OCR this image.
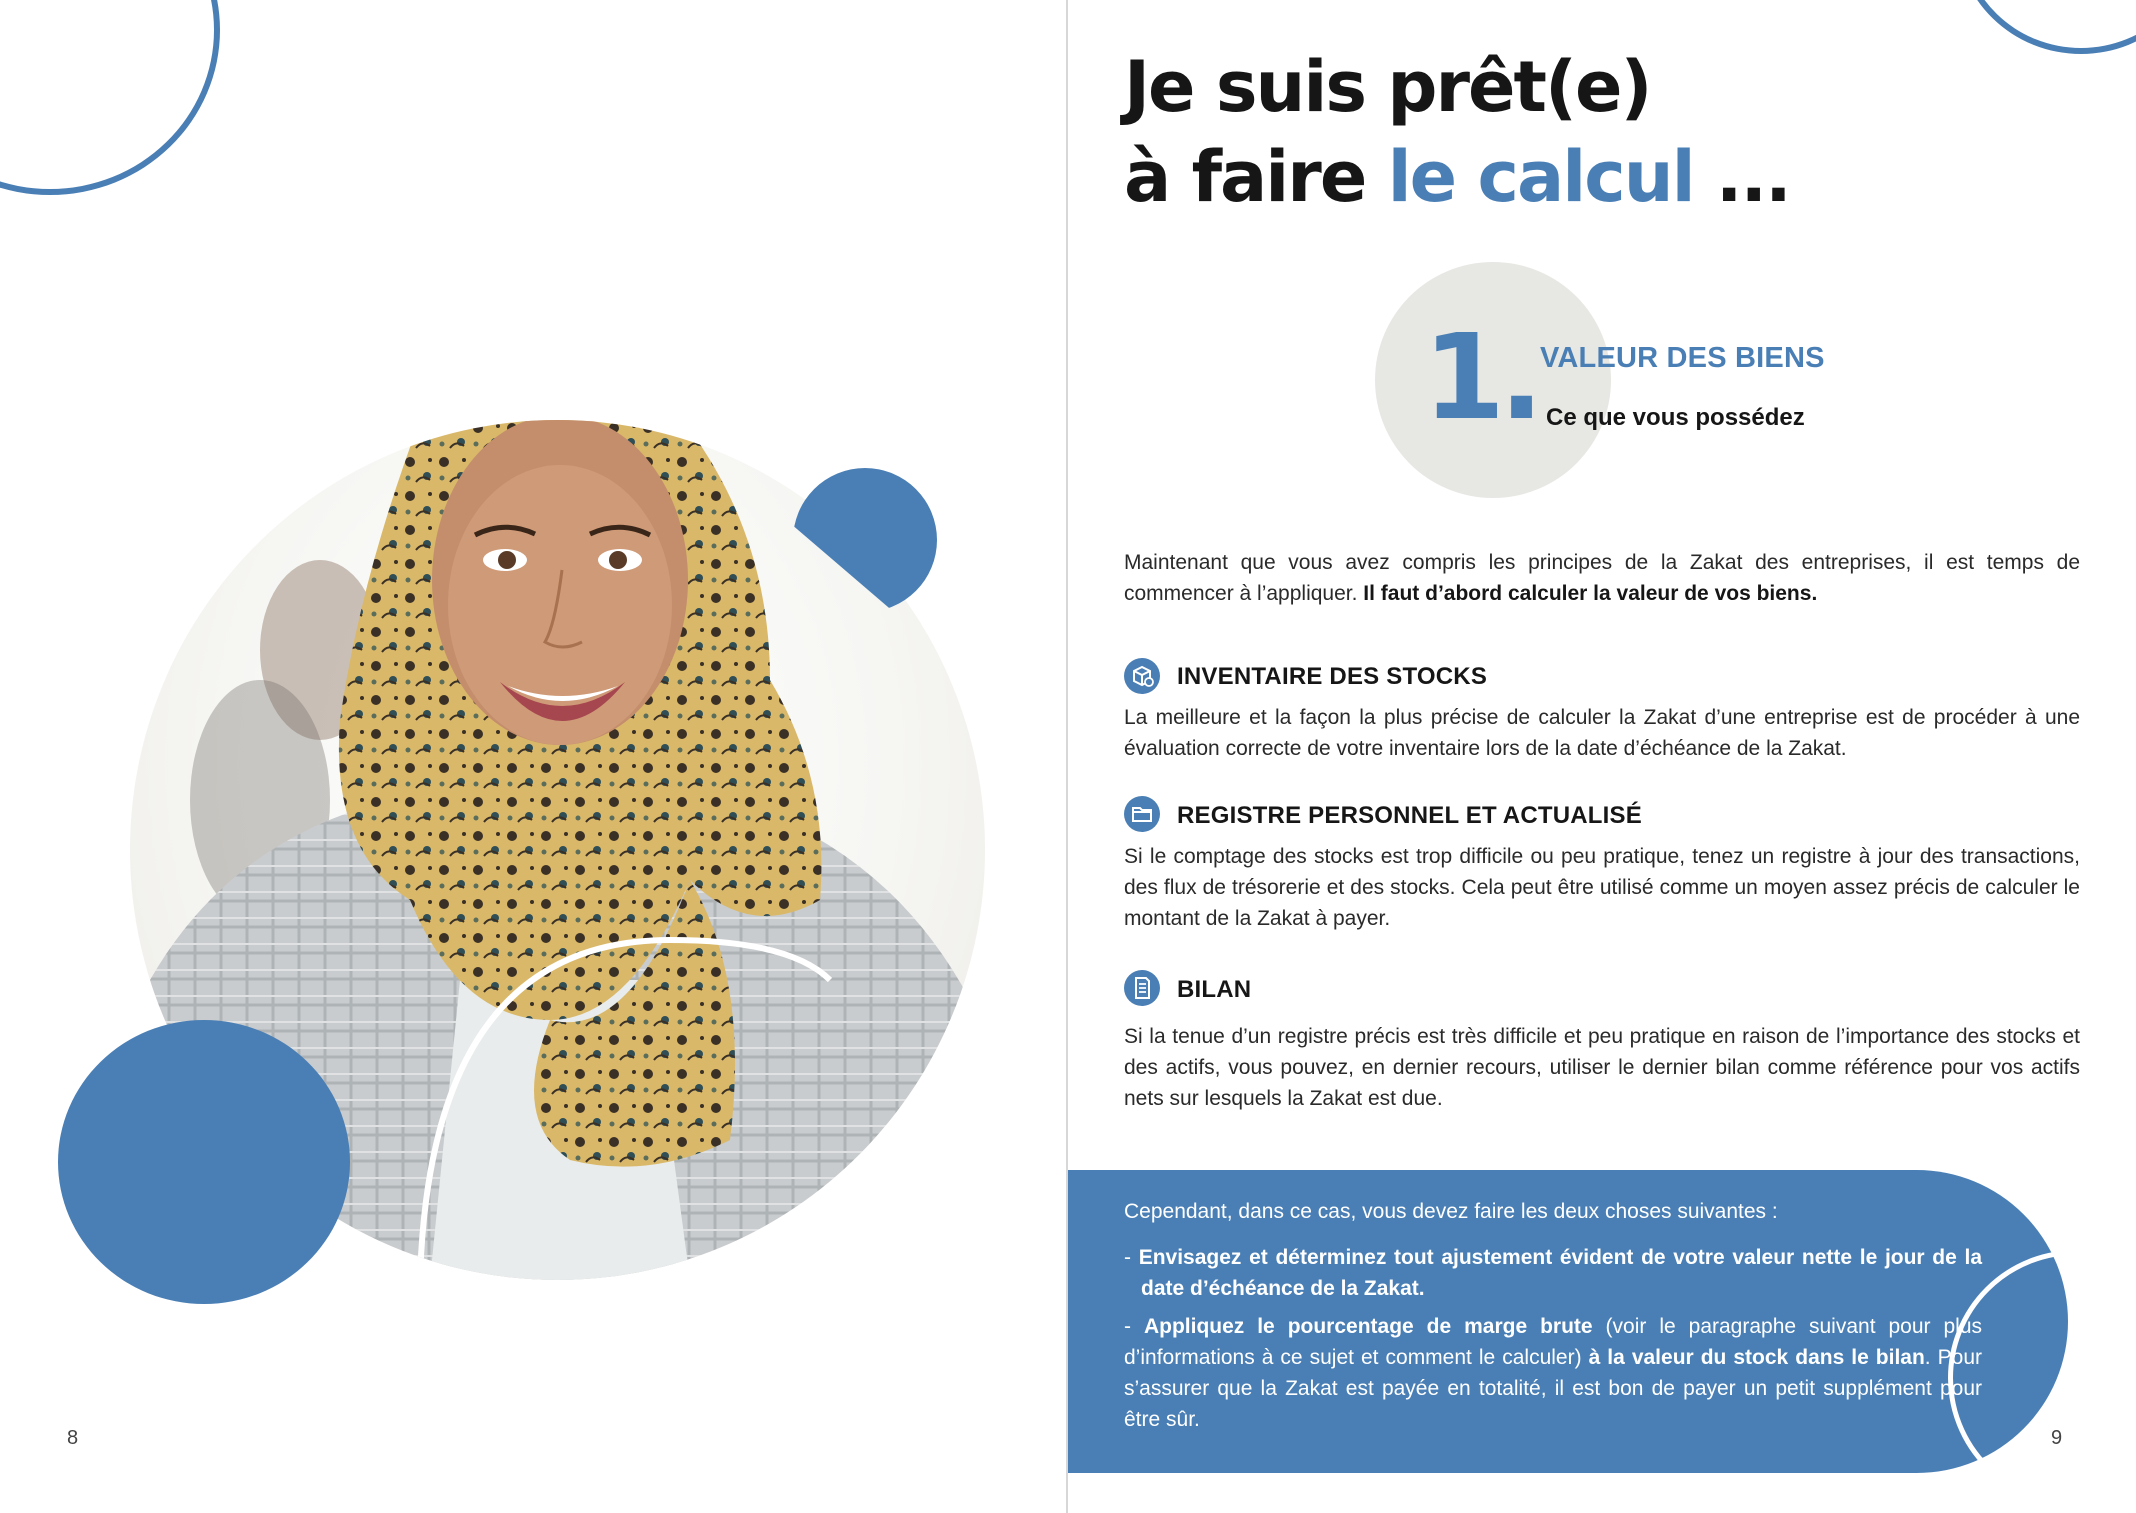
8
Je suis prêt(e)
à faire le calcul ...
1. VALEUR DES BIENS
Ce que vous possédez
Maintenant que vous avez compris les principes de la Zakat des entreprises, il est temps de commencer à l’appliquer. Il faut d’abord calculer la valeur de vos biens.
INVENTAIRE DES STOCKS
La meilleure et la façon la plus précise de calculer la Zakat d’une entreprise est de procéder à une évaluation correcte de votre inventaire lors de la date d’échéance de la Zakat.
REGISTRE PERSONNEL ET ACTUALISÉ
Si le comptage des stocks est trop difficile ou peu pratique, tenez un registre à jour des transactions, des flux de trésorerie et des stocks. Cela peut être utilisé comme un moyen assez précis de calculer le montant de la Zakat à payer.
BILAN
Si la tenue d’un registre précis est très difficile et peu pratique en raison de l’importance des stocks et des actifs, vous pouvez, en dernier recours, utiliser le dernier bilan comme référence pour vos actifs nets sur lesquels la Zakat est due.
Cependant, dans ce cas, vous devez faire les deux choses suivantes :
- Envisagez et déterminez tout ajustement évident de votre valeur nette le jour de la date d’échéance de la Zakat.
- Appliquez le pourcentage de marge brute (voir le paragraphe suivant pour plus d’informations à ce sujet et comment le calculer) à la valeur du stock dans le bilan. Pour s’assurer que la Zakat est payée en totalité, il est bon de payer un petit supplément pour être sûr.
9
